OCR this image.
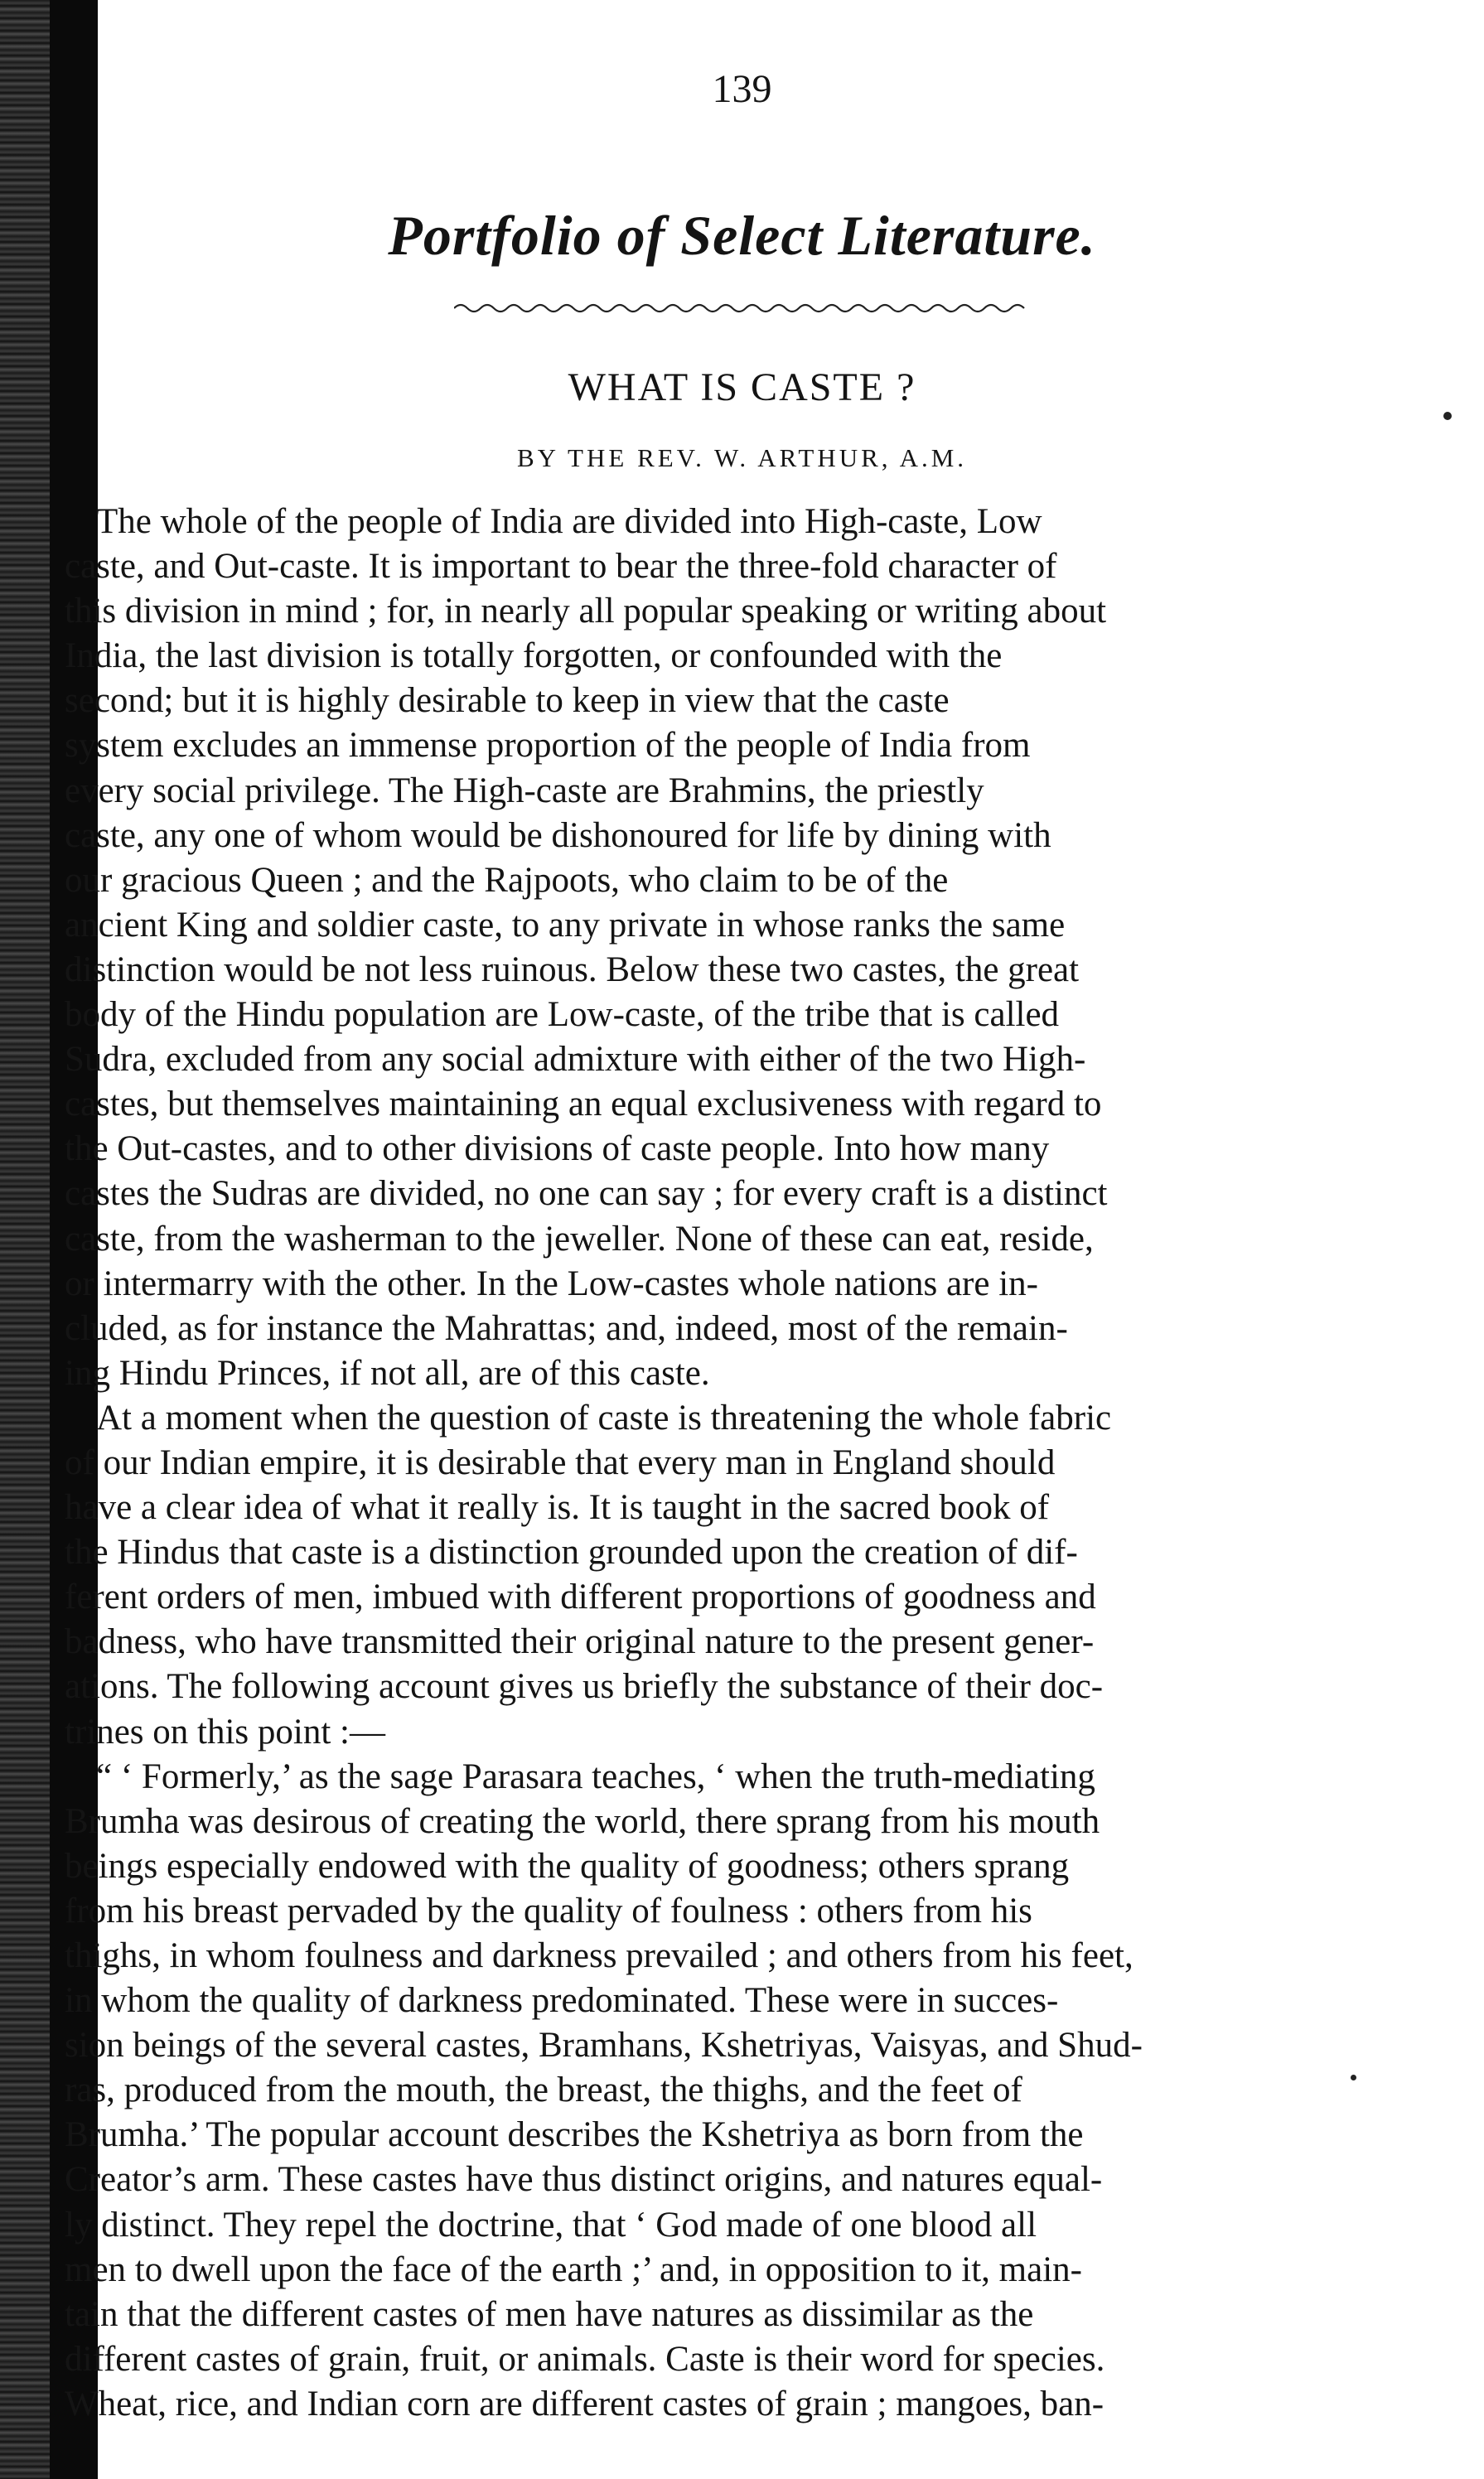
139
Portfolio of Select Literature.
WHAT IS CASTE ?
BY THE REV. W. ARTHUR, A.M.
The whole of the people of India are divided into High-caste, Low
caste, and Out-caste. It is important to bear the three-fold character of
this division in mind ; for, in nearly all popular speaking or writing about
India, the last division is totally forgotten, or confounded with the
second; but it is highly desirable to keep in view that the caste
system excludes an immense proportion of the people of India from
every social privilege. The High-caste are Brahmins, the priestly
caste, any one of whom would be dishonoured for life by dining with
our gracious Queen ; and the Rajpoots, who claim to be of the
ancient King and soldier caste, to any private in whose ranks the same
distinction would be not less ruinous. Below these two castes, the great
body of the Hindu population are Low-caste, of the tribe that is called
Sudra, excluded from any social admixture with either of the two High-
castes, but themselves maintaining an equal exclusiveness with regard to
the Out-castes, and to other divisions of caste people. Into how many
castes the Sudras are divided, no one can say ; for every craft is a distinct
caste, from the washerman to the jeweller. None of these can eat, reside,
or intermarry with the other. In the Low-castes whole nations are in-
cluded, as for instance the Mahrattas; and, indeed, most of the remain-
ing Hindu Princes, if not all, are of this caste.
At a moment when the question of caste is threatening the whole fabric
of our Indian empire, it is desirable that every man in England should
have a clear idea of what it really is. It is taught in the sacred book of
the Hindus that caste is a distinction grounded upon the creation of dif-
ferent orders of men, imbued with different proportions of goodness and
badness, who have transmitted their original nature to the present gener-
ations. The following account gives us briefly the substance of their doc-
trines on this point :—
“ ‘ Formerly,’ as the sage Parasara teaches, ‘ when the truth-mediating
Brumha was desirous of creating the world, there sprang from his mouth
beings especially endowed with the quality of goodness; others sprang
from his breast pervaded by the quality of foulness : others from his
thighs, in whom foulness and darkness prevailed ; and others from his feet,
in whom the quality of darkness predominated. These were in succes-
sion beings of the several castes, Bramhans, Kshetriyas, Vaisyas, and Shud-
ras, produced from the mouth, the breast, the thighs, and the feet of
Brumha.’ The popular account describes the Kshetriya as born from the
Creator’s arm. These castes have thus distinct origins, and natures equal-
ly distinct. They repel the doctrine, that ‘ God made of one blood all
men to dwell upon the face of the earth ;’ and, in opposition to it, main-
tain that the different castes of men have natures as dissimilar as the
different castes of grain, fruit, or animals. Caste is their word for species.
Wheat, rice, and Indian corn are different castes of grain ; mangoes, ban-
